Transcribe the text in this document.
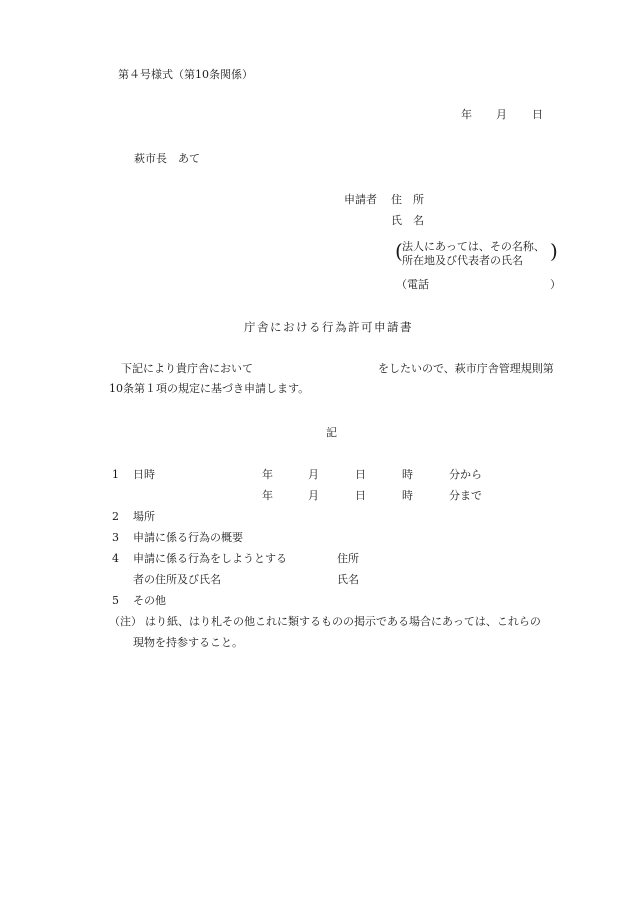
第４号様式（第10条関係）
年 月 日
萩市長　あて
申請者 住　所
氏　名
( 法人にあっては、その名称、
所在地及び代表者の氏名 )
（電話	）
庁舎における行為許可申請書
下記により貴庁舎において	をしたいので、萩市庁舎管理規則第
10条第１項の規定に基づき申請します。
記
1 日時	年	月	日	時	分から
年	月	日	時	分まで
2 場所
3 申請に係る行為の概要
4 申請に係る行為をしようとする	住所
者の住所及び氏名	氏名
5 その他
（注） はり紙、はり札その他これに類するものの掲示である場合にあっては、これらの
現物を持参すること。
